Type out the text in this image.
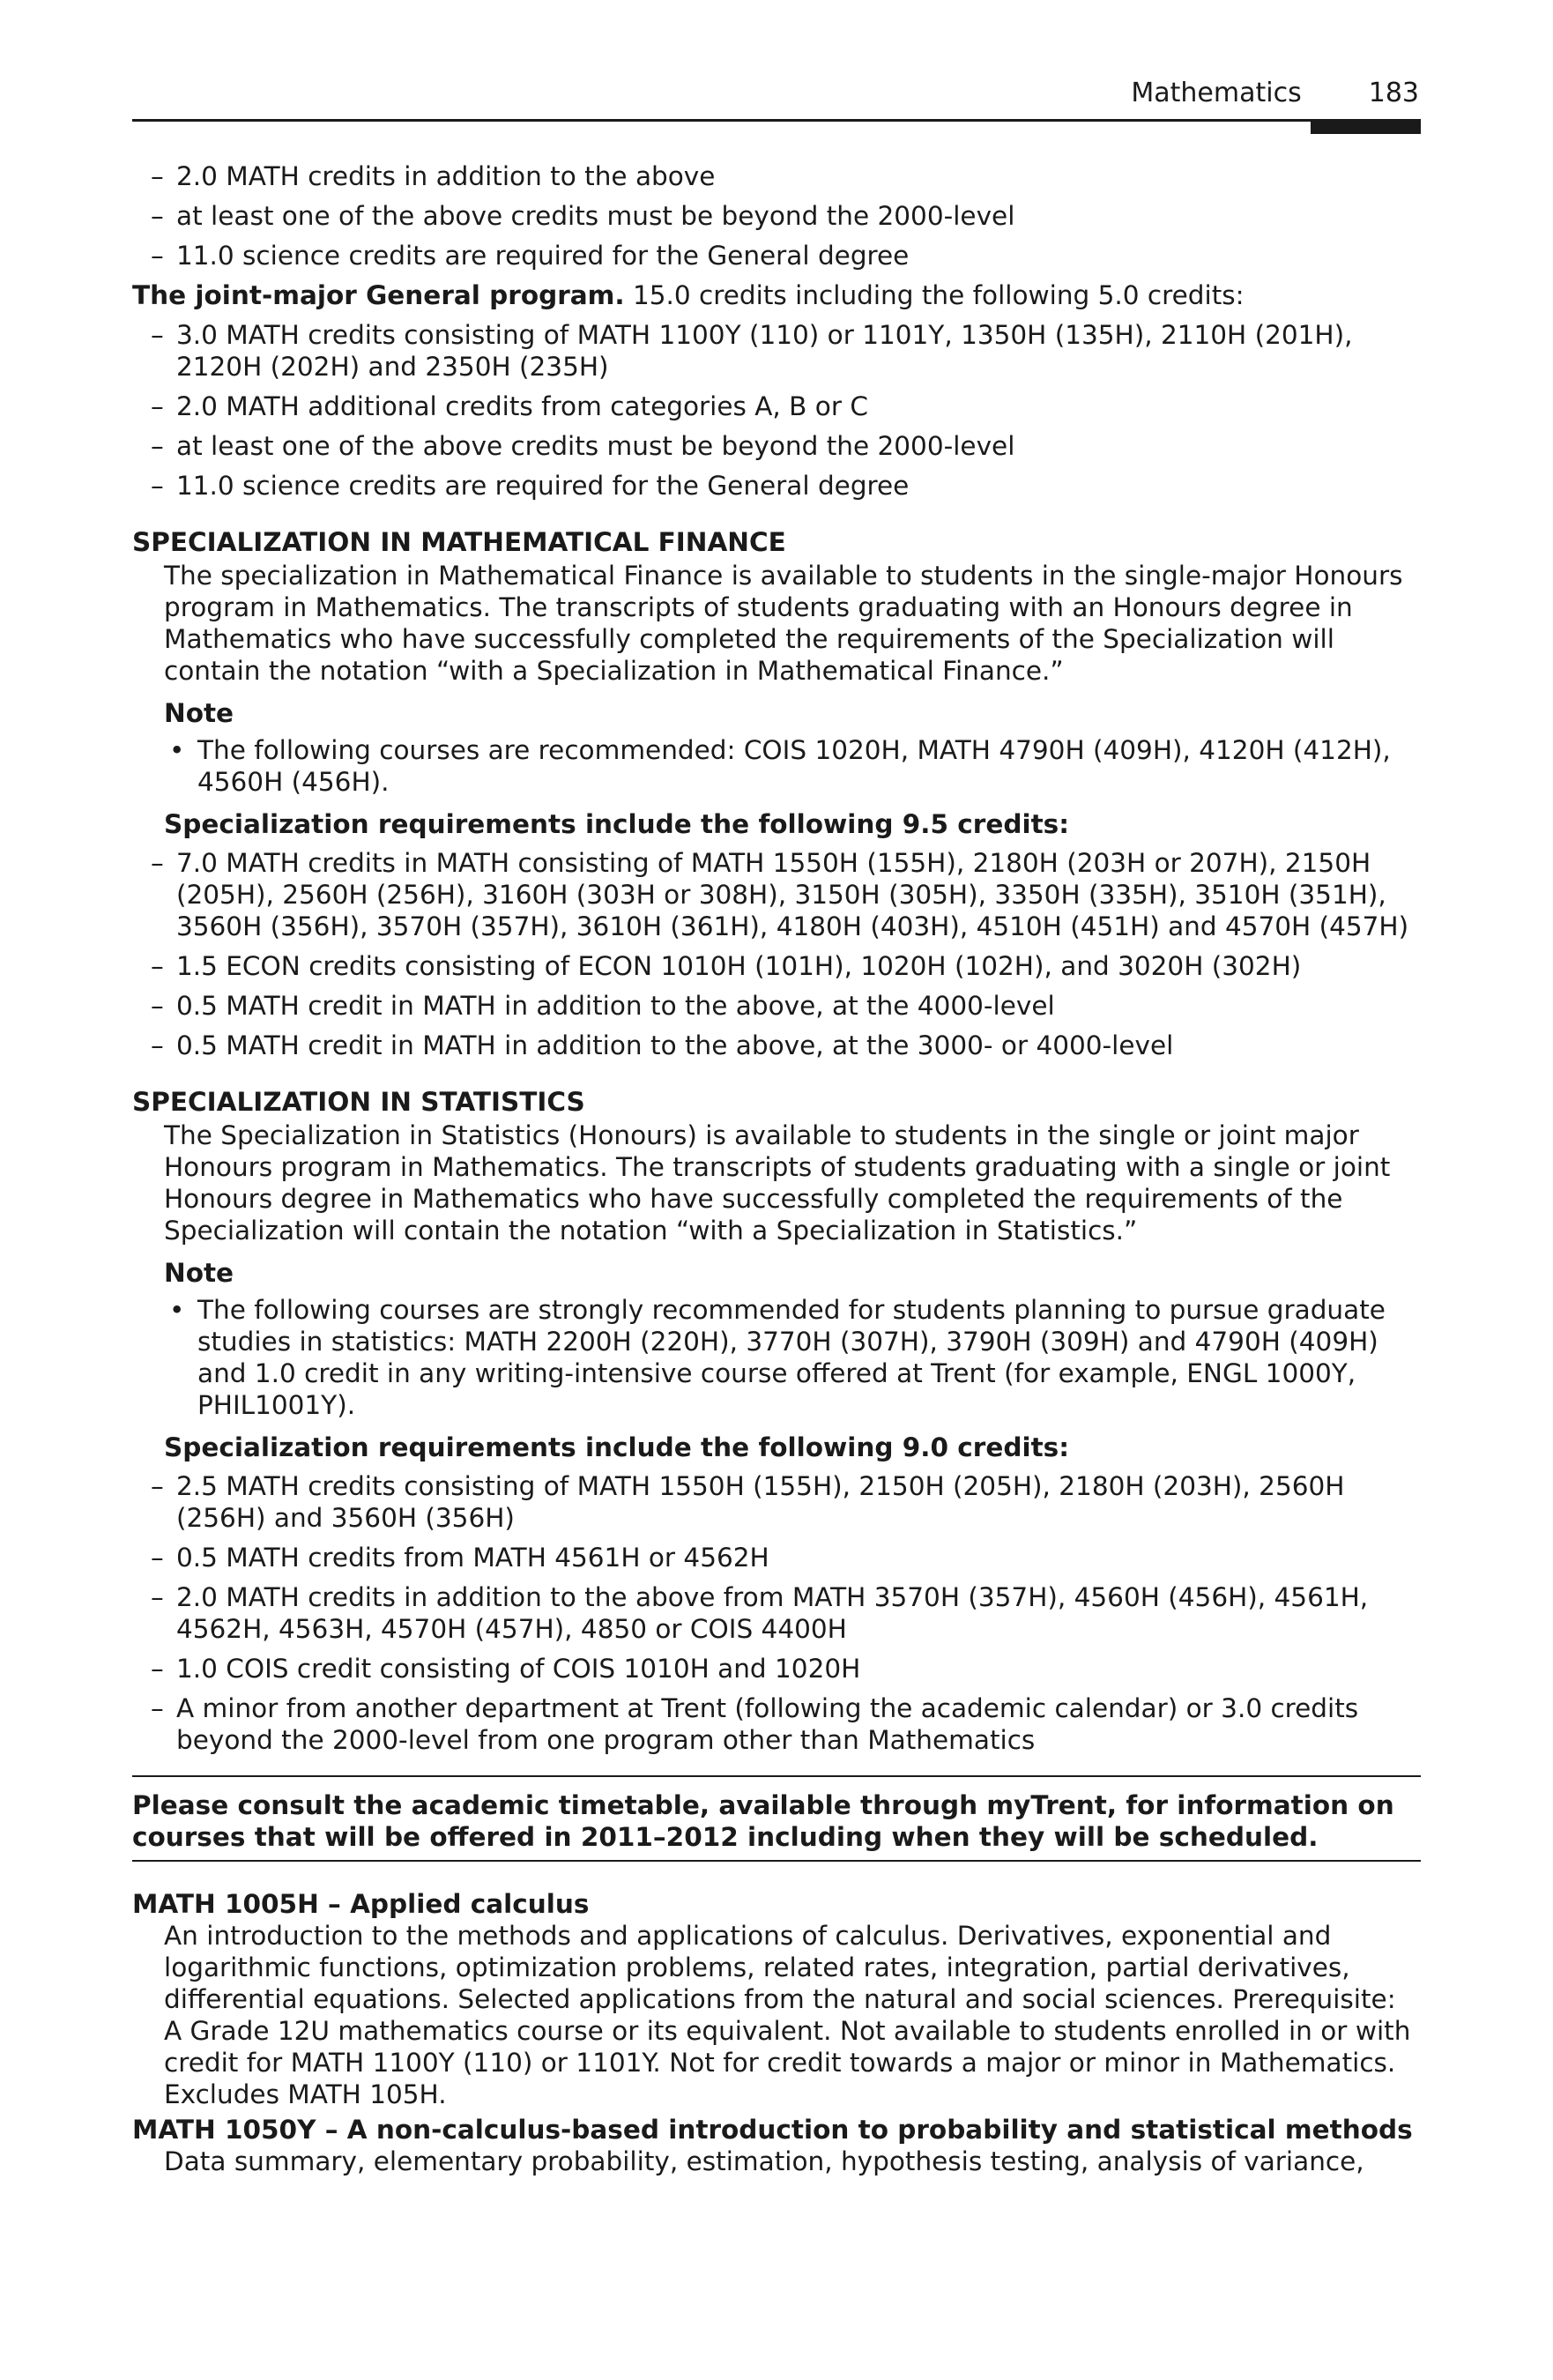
Mathematics	183
– 2.0 MATH credits in addition to the above
– at least one of the above credits must be beyond the 2000-level
– 11.0 science credits are required for the General degree
The joint-major General program. 15.0 credits including the following 5.0 credits:
– 3.0 MATH credits consisting of MATH 1100Y (110) or 1101Y, 1350H (135H), 2110H (201H), 2120H (202H) and 2350H (235H)
– 2.0 MATH additional credits from categories A, B or C
– at least one of the above credits must be beyond the 2000-level
– 11.0 science credits are required for the General degree
SPECIALIZATION IN MATHEMATICAL FINANCE
The specialization in Mathematical Finance is available to students in the single-major Honours program in Mathematics. The transcripts of students graduating with an Honours degree in Mathematics who have successfully completed the requirements of the Specialization will contain the notation “with a Specialization in Mathematical Finance.”
Note
• The following courses are recommended: COIS 1020H, MATH 4790H (409H), 4120H (412H), 4560H (456H).
Specialization requirements include the following 9.5 credits:
– 7.0 MATH credits in MATH consisting of MATH 1550H (155H), 2180H (203H or 207H), 2150H (205H), 2560H (256H), 3160H (303H or 308H), 3150H (305H), 3350H (335H), 3510H (351H), 3560H (356H), 3570H (357H), 3610H (361H), 4180H (403H), 4510H (451H) and 4570H (457H)
– 1.5 ECON credits consisting of ECON 1010H (101H), 1020H (102H), and 3020H (302H)
– 0.5 MATH credit in MATH in addition to the above, at the 4000-level
– 0.5 MATH credit in MATH in addition to the above, at the 3000- or 4000-level
SPECIALIZATION IN STATISTICS
The Specialization in Statistics (Honours) is available to students in the single or joint major Honours program in Mathematics. The transcripts of students graduating with a single or joint Honours degree in Mathematics who have successfully completed the requirements of the Specialization will contain the notation “with a Specialization in Statistics.”
Note
• The following courses are strongly recommended for students planning to pursue graduate studies in statistics: MATH 2200H (220H), 3770H (307H), 3790H (309H) and 4790H (409H) and 1.0 credit in any writing-intensive course offered at Trent (for example, ENGL 1000Y, PHIL1001Y).
Specialization requirements include the following 9.0 credits:
– 2.5 MATH credits consisting of MATH 1550H (155H), 2150H (205H), 2180H (203H), 2560H (256H) and 3560H (356H)
– 0.5 MATH credits from MATH 4561H or 4562H
– 2.0 MATH credits in addition to the above from MATH 3570H (357H), 4560H (456H), 4561H, 4562H, 4563H, 4570H (457H), 4850 or COIS 4400H
– 1.0 COIS credit consisting of COIS 1010H and 1020H
– A minor from another department at Trent (following the academic calendar) or 3.0 credits beyond the 2000-level from one program other than Mathematics
Please consult the academic timetable, available through myTrent, for information on courses that will be offered in 2011–2012 including when they will be scheduled.
MATH 1005H – Applied calculus
An introduction to the methods and applications of calculus. Derivatives, exponential and logarithmic functions, optimization problems, related rates, integration, partial derivatives, differential equations. Selected applications from the natural and social sciences. Prerequisite: A Grade 12U mathematics course or its equivalent. Not available to students enrolled in or with credit for MATH 1100Y (110) or 1101Y. Not for credit towards a major or minor in Mathematics. Excludes MATH 105H.
MATH 1050Y – A non-calculus-based introduction to probability and statistical methods
Data summary, elementary probability, estimation, hypothesis testing, analysis of variance,
